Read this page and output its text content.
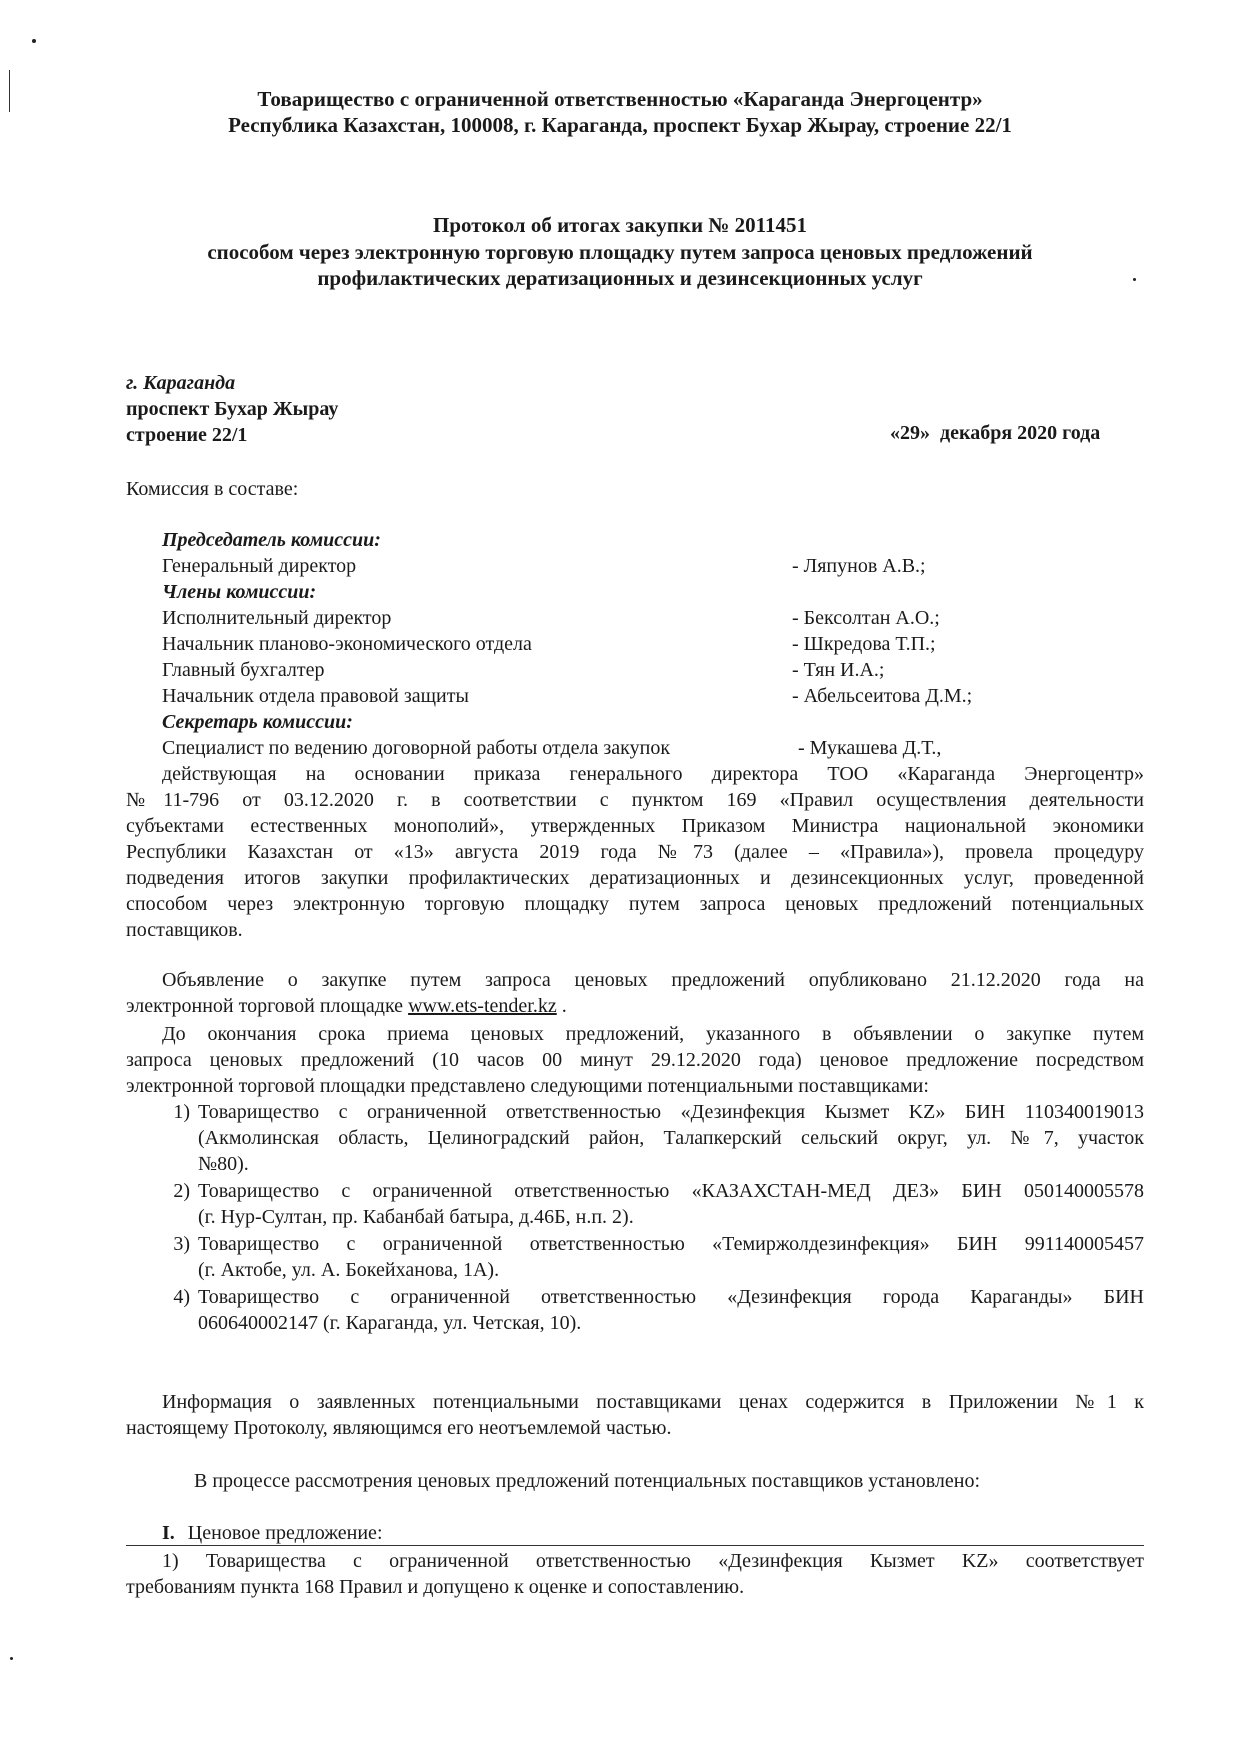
Товарищество с ограниченной ответственностью «Караганда Энергоцентр»
Республика Казахстан, 100008, г. Караганда, проспект Бухар Жырау, строение 22/1
Протокол об итогах закупки № 2011451
способом через электронную торговую площадку путем запроса ценовых предложений
профилактических дератизационных и дезинсекционных услуг
г. Караганда
проспект Бухар Жырау
строение 22/1	«29»  декабря 2020 года
Комиссия в составе:
Председатель комиссии:
Генеральный директор	- Ляпунов А.В.;
Члены комиссии:
Исполнительный директор	- Бексолтан А.О.;
Начальник планово-экономического отдела	- Шкредова Т.П.;
Главный бухгалтер	- Тян И.А.;
Начальник отдела правовой защиты	- Абельсеитова Д.М.;
Секретарь комиссии:
Специалист по ведению договорной работы отдела закупок	- Мукашева Д.Т.,
действующая на основании приказа генерального директора ТОО «Караганда Энергоцентр»
№11-796 от 03.12.2020 г. в соответствии с пунктом 169 «Правил осуществления деятельности
субъектами естественных монополий», утвержденных Приказом Министра национальной экономики
Республики Казахстан от «13» августа 2019 года №73 (далее – «Правила»), провела процедуру
подведения итогов закупки профилактических дератизационных и дезинсекционных услуг, проведенной
способом через электронную торговую площадку путем запроса ценовых предложений потенциальных
поставщиков.
Объявление о закупке путем запроса ценовых предложений опубликовано 21.12.2020 года на
электронной торговой площадке www.ets-tender.kz .
До окончания срока приема ценовых предложений, указанного в объявлении о закупке путем
запроса ценовых предложений (10 часов 00 минут 29.12.2020 года) ценовое предложение посредством
электронной торговой площадки представлено следующими потенциальными поставщиками:
1) Товарищество с ограниченной ответственностью «Дезинфекция Кызмет KZ» БИН 110340019013
(Акмолинская область, Целиноградский район, Талапкерский сельский округ, ул. №7, участок
№80).
2) Товарищество с ограниченной ответственностью «КАЗАХСТАН-МЕД ДЕЗ» БИН 050140005578
(г. Нур-Султан, пр. Кабанбай батыра, д.46Б, н.п. 2).
3) Товарищество с ограниченной ответственностью «Темиржолдезинфекция» БИН 991140005457
(г. Актобе, ул. А. Бокейханова, 1А).
4) Товарищество с ограниченной ответственностью «Дезинфекция города Караганды» БИН
060640002147 (г. Караганда, ул. Четская, 10).
Информация о заявленных потенциальными поставщиками ценах содержится в Приложении №1 к
настоящему Протоколу, являющимся его неотъемлемой частью.
В процессе рассмотрения ценовых предложений потенциальных поставщиков установлено:
I. Ценовое предложение:
1) Товарищества с ограниченной ответственностью «Дезинфекция Кызмет KZ» соответствует
требованиям пункта 168 Правил и допущено к оценке и сопоставлению.
